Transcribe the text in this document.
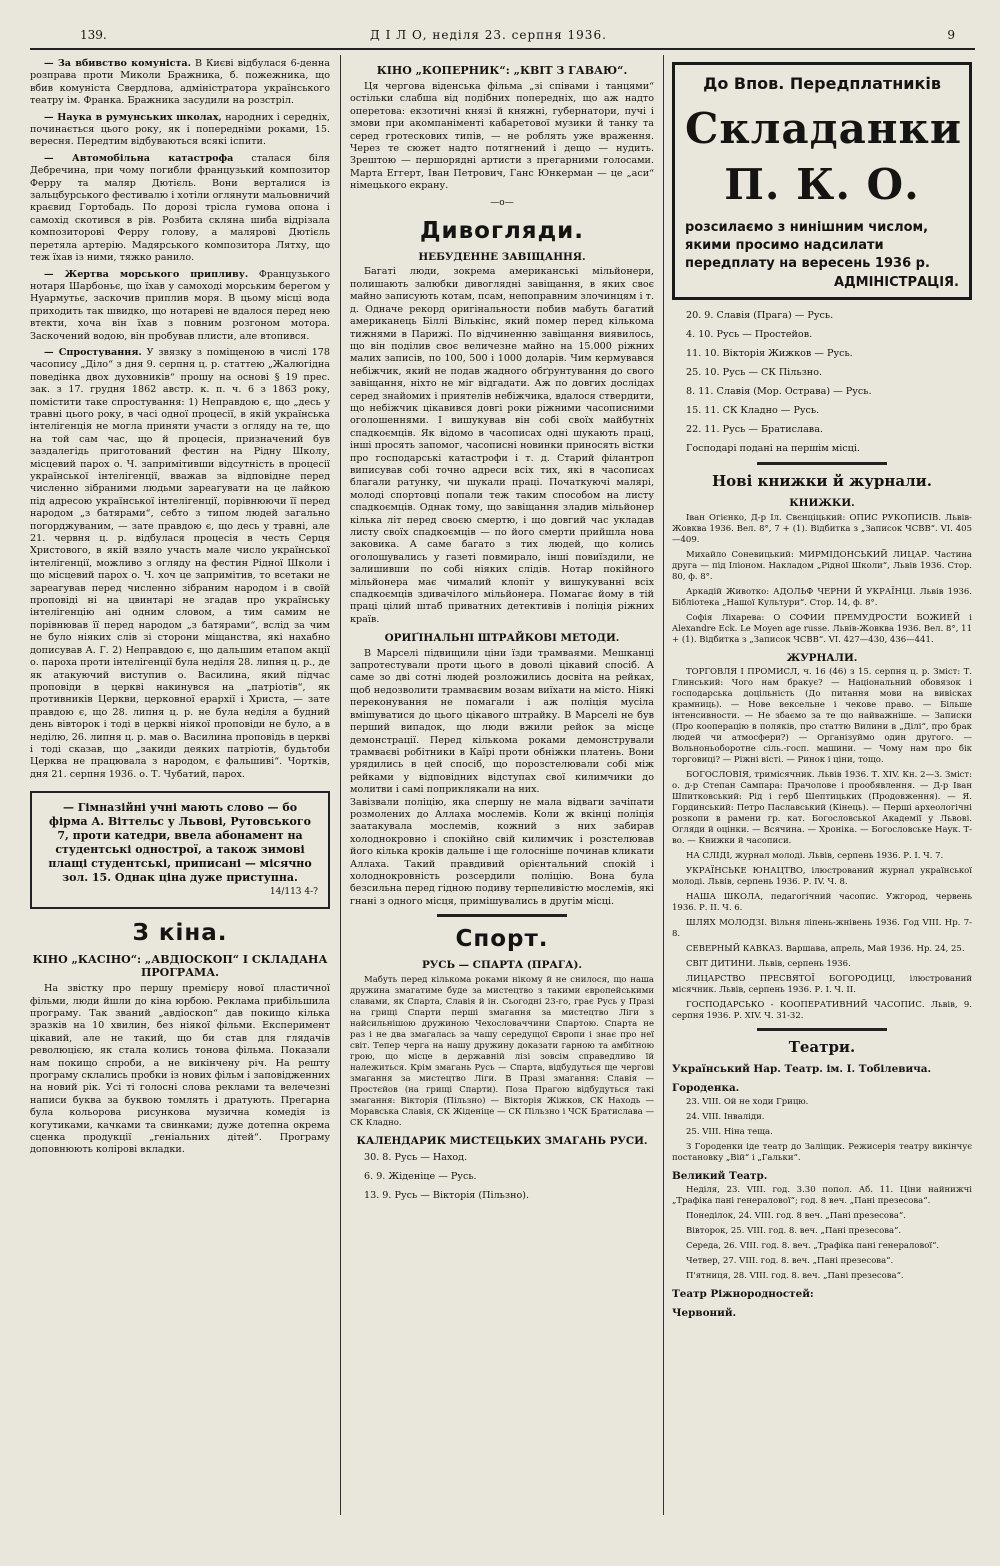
139.	Д І Л О, неділя 23. серпня 1936.	9

— За вбивство комуніста. В Києві відбулася 6-денна розправа проти Миколи Бражника, б. пожежника, що вбив комуніста Свердлова, адміністратора українського театру ім. Франка. Бражника засудили на розстріл.

— Наука в румунських школах, народних і середніх, починається цього року, як і попередніми роками, 15. вересня. Передтим відбуваються всякі іспити.

— Автомобільна катастрофа сталася біля Дебречина, при чому погибли французький композитор Ферру та маляр Дютієль. Вони верталися із зальцбурського фестивалю і хотіли оглянути мальовничий краєвид Гортобадь. По дорозі трісла гумова опона і самохід скотився в рів. Розбита скляна шиба відрізала композиторові Ферру голову, а малярові Дютієль перетяла артерію. Мадярського композитора Лятху, що теж їхав із ними, тяжко ранило.

— Жертва морського припливу. Французького нотаря Шарбоньє, що їхав у самоході морським берегом у Нуармутьє, заскочив приплив моря. В цьому місці вода приходить так швидко, що нотареві не вдалося перед нею втекти, хоча він їхав з повним розгоном мотора. Заскочений водою, він пробував плисти, але втопився.

— Спростування. У звязку з поміщеною в числі 178 часопису „Діло“ з дня 9. серпня ц. р. статтею „Жалюгідна поведінка двох духовників“ прошу на основі § 19 прес. зак. з 17. грудня 1862 австр. к. п. ч. 6 з 1863 року, помістити таке спростування: 1) Неправдою є, що „десь у травні цього року, в часі одної процесії, в якій українська інтелігенція не могла приняти участи з огляду на те, що на той сам час, що й процесія, призначений був заздалегідь приготований фестин на Рідну Школу, місцевий парох о. Ч. запримітивши відсутність в процесії української інтелігенції, вважав за відповідне перед численно зібраними людьми зареагувати на це лайкою під адресою української інтелігенції, порівнюючи її перед народом „з батярами“, себто з типом людей загально погорджуваним, — зате правдою є, що десь у травні, але 21. червня ц. р. відбулася процесія в честь Серця Христового, в якій взяло участь мале число української інтелігенції, можливо з огляду на фестин Рідної Школи і що місцевий парох о. Ч. хоч це запримітив, то всетаки не зареагував перед численно зібраним народом і в своїй проповіді ні на цвинтарі не згадав про українську інтелігенцію ані одним словом, а тим самим не порівнював її перед народом „з батярами“, вслід за чим не було ніяких слів зі сторони міщанства, які нахабно дописував А. Г. 2) Неправдою є, що дальшим етапом акції о. пароха проти інтелігенції була неділя 28. липня ц. р., де як атакуючий виступив о. Василина, який підчас проповіди в церкві накинувся на „патріотів“, як противників Церкви, церковної ерархії і Христа, — зате правдою є, що 28. липня ц. р. не була неділя а будний день вівторок і тоді в церкві ніякої проповіди не було, а в неділю, 26. липня ц. р. мав о. Василина проповідь в церкві і тоді сказав, що „закиди деяких патріотів, будьтоби Церква не працювала з народом, є фальшиві“. Чортків, дня 21. серпня 1936. о. Т. Чубатий, парох.

— Гімназійні учні мають слово — бо фірма А. Віттельс у Львові, Рутовського 7, проти катедри, ввела абонамент на студентські однострої, а також зимові плащі студентські, приписані — місячно зол. 15. Однак ціна дуже приступна.
14/113 4-?
З кіна.
КІНО „КАСІНО“: „АВДІОСКОП“ І СКЛАДАНА ПРОГРАМА.

На звістку про першу премієру нової пластичної фільми, люди йшли до кіна юрбою. Реклама прибільшила програму. Так званий „авдіоскоп“ дав покищо кілька зразків на 10 хвилин, без ніякої фільми. Експеримент цікавий, але не такий, що би став для глядачів революцією, як стала колись тонова фільма. Показали нам покищо спроби, а не викінчену річ. На решту програму склались пробки із нових фільм і заповідженних на новий рік. Усі ті голосні слова реклами та велечезні написи буква за буквою томлять і дратують. Прегарна була кольорова рисункова музична комедія із когутиками, качками та свинками; дуже дотепна окрема сценка продукції „геніальних дітей“. Програму доповнюють колірові вкладки.

КІНО „КОПЕРНИК“: „КВІТ З ГАВАЮ“.

Ця чергова віденська фільма „зі співами і танцями“ остільки слабша від подібних попередніх, що аж надто оперетова: екзотичні князі й княжні, губернатори, пучі і змови при акомпаніменті кабаретової музики й танку та серед гротескових типів, — не роблять уже враження. Через те сюжет надто потягнений і дещо — нудить. Зрештою — першорядні артисти з прегарними голосами. Марта Еггерт, Іван Петрович, Ганс Юнкерман — це „аси“ німецького екрану.

—о—
Дивогляди.
НЕБУДЕННЕ ЗАВІЩАННЯ.

Багаті люди, зокрема американські мільйонери, полишають залюбки дивоглядні завіщання, в яких своє майно записують котам, псам, непоправним злочинцям і т. д. Одначе рекорд оригінальности побив мабуть багатий американець Біллі Вількінс, який помер перед кількома тижнями в Парижі. По відчиненню завіщання виявилось, що він поділив своє величезне майно на 15.000 ріжних малих записів, по 100, 500 і 1000 доларів. Чим кермувався небіжчик, який не подав жадного обґрунтування до свого завіщання, ніхто не міг відгадати. Аж по довгих дослідах серед знайомих і приятелів небіжчика, вдалося ствердити, що небіжчик цікавився довгі роки ріжними часописними оголошеннями. І вишукував він собі своїх майбутніх спадкоємців. Як відомо в часописах одні шукають праці, інші просять запомог, часописні новинки приносять вістки про господарські катастрофи і т. д. Старий філантроп виписував собі точно адреси всіх тих, які в часописах благали ратунку, чи шукали праці. Початкуючі малярі, молоді спортовці попали теж таким способом на листу спадкоємців. Однак тому, що завіщання зладив мільйонер кілька літ перед своєю смертю, і що довгий час укладав листу своїх спадкоємців — по його смерти прийшла нова заковика. А саме багато з тих людей, що колись оголошувались у газеті повмирало, інші повиїздили, не залишивши по собі ніяких слідів. Нотар покійного мільйонера має чималий клопіт у вишукуванні всіх спадкоємців здивачілого мільйонера. Помагає йому в тій праці цілий штаб приватних детективів і поліція ріжних країв.

ОРИҐІНАЛЬНІ ШТРАЙКОВІ МЕТОДИ.

В Марселі підвищили ціни їзди трамваями. Мешканці запротестували проти цього в доволі цікавий спосіб. А саме зо дві сотні людей розложились досвіта на рейках, щоб недозволити трамваєвим возам виїхати на місто. Ніякі переконування не помагали і аж поліція мусіла вмішуватися до цього цікавого штрайку. В Марселі не був перший випадок, що люди вжили рейок за місце демонстрації. Перед кількома роками демонстрували трамваєві робітники в Каїрі проти обніжки платень. Вони урядились в цей спосіб, що порозстелювали собі між рейками у відповідних відступах свої килимчики до молитви і самі поприклякали на них.
Завізвали поліцію, яка спершу не мала відваги зачіпати розмолених до Аллаха мослемів. Коли ж вкінці поліція заатакувала мослемів, кожний з них забирав холоднокровно і спокійно свій килимчик і розстелював його кілька кроків дальше і ще голосніше починав кликати Аллаха. Такий правдивий орієнтальний спокій і холоднокровність розсердили поліцію. Вона була безсильна перед гідною подиву терпеливістю мослемів, які гнані з одного місця, примішувались в другім місці.

Спорт.
РУСЬ — СПАРТА (ПРАГА).

Мабуть перед кількома роками нікому й не снилося, що наша дружина змагатиме буде за мистецтво з такими європейськими славами, як Спарта, Славія й ін. Сьогодні 23-го, грає Русь у Празі на грищі Спарти перші змагання за мистецтво Ліги з найсильнішою дружиною Чехословаччини Спартою. Спарта не раз і не два змагалась за чашу середущої Європи і знає про неї світ. Тепер черга на нашу дружину доказати гарною та амбітною грою, що місце в державній лізі зовсім справедливо їй належиться. Крім змагань Русь — Спарта, відбудуться ще чергові змагання за мистецтво Ліги. В Празі змагання: Славія — Простєйов (на грищі Спарти). Поза Прагою відбудуться такі змагання: Вікторія (Пільзно) — Вікторія Жіжков, СК Находь — Моравська Славія, СК Жіденіце — СК Пільзно і ЧСК Братислава — СК Кладно.

КАЛЕНДАРИК МИСТЕЦЬКИХ ЗМАГАНЬ РУСИ.

30. 8. Русь — Наход.

6. 9. Жіденіце — Русь.

13. 9. Русь — Вікторія (Пільзно).

До Впов. Передплатників
Складанки П. К. О.
розсилаємо з нинішним числом, якими просимо надсилати передплату на вересень 1936 р.
АДМІНІСТРАЦІЯ.

20. 9. Славія (Прага) — Русь.

4. 10. Русь — Простейов.

11. 10. Вікторія Жижков — Русь.

25. 10. Русь — СК Пільзно.

8. 11. Славія (Мор. Острава) — Русь.

15. 11. СК Кладно — Русь.

22. 11. Русь — Братислава.

Господарі подані на першім місці.

Нові книжки й журнали.
КНИЖКИ.

Іван Огієнко, Д-р Іл. Свєнціцький: ОПИС РУКОПИСІВ. Львів-Жовква 1936. Вел. 8°, 7 + (1). Відбитка з „Записок ЧСВВ“. VI. 405—409.

Михайло Соневицький: МИРМІДОНСЬКИЙ ЛИЦАР. Частина друга — під Іліоном. Накладом „Рідної Школи“, Львів 1936. Стор. 80, ф. 8°.

Аркадій Животко: АДОЛЬФ ЧЕРНИ Й УКРАЇНЦІ. Львів 1936. Бібліотека „Нашої Культури“. Стор. 14, ф. 8°.

Софія Ліхарева: О СОФИИ ПРЕМУДРОСТИ БОЖИЕЙ і Alexandre Eck. Le Moyen age russe. Львів-Жовква 1936. Вел. 8°, 11 + (1). Відбитка з „Записок ЧСВВ“. VI. 427—430, 436—441.

ЖУРНАЛИ.

ТОРГОВЛЯ І ПРОМИСЛ, ч. 16 (46) з 15. серпня ц. р. Зміст: Т. Глинський: Чого нам бракує? — Національний обовязок і господарська доцільність (До питання мови на вивісках крамниць). — Нове вексельне і чекове право. — Більше інтенсивности. — Не збаємо за те що найважніше. — Записки (Про кооперацію в поляків, про статтю Вилини в „Ділі“, про брак людей чи атмосфери?) — Організуймо один другого. — Вольноньоборотне сіль.-госп. машини. — Чому нам про бік торговиці? — Ріжні вісті. — Ринок і ціни, тощо.

БОГОСЛОВІЯ, тримісячник. Львів 1936. Т. XIV. Кн. 2—3. Зміст: о. д-р Степан Сампара: Прачолове і прообявлення. — Д-р Іван Шпитковський: Рід і герб Шептицьких (Продовження). — Я. Гординський: Петро Паславський (Кінець). — Перші археологічні розкопи в рамени гр. кат. Богословської Академії у Львові. Огляди й оцінки. — Всячина. — Хроніка. — Богословське Наук. Т-во. — Книжки й часописи.

НА СЛІДІ, журнал молоді. Львів, серпень 1936. Р. І. Ч. 7.

УКРАЇНСЬКЕ ЮНАЦТВО, ілюстрований журнал української молоді. Львів, серпень 1936. Р. IV. Ч. 8.

НАША ШКОЛА, педагогічний часопис. Ужгород, червень 1936. Р. II. Ч. 6.

ШЛЯХ МОЛОДЗІ. Вільня ліпень-жнівень 1936. Год VIII. Нр. 7-8.

СЕВЕРНЫЙ КАВКАЗ. Варшава, апрель, Май 1936. Нр. 24, 25.

СВІТ ДИТИНИ. Львів, серпень 1936.

ЛИЦАРСТВО ПРЕСВЯТОЇ БОГОРОДИЦІ, ілюстрований місячник. Львів, серпень 1936. Р. І. Ч. II.

ГОСПОДАРСЬКО - КООПЕРАТИВНИЙ ЧАСОПИС. Львів, 9. серпня 1936. Р. XIV. Ч. 31-32.

Театри.
Український Нар. Театр. ім. І. Тобілевича.
Городенка.

23. VIII. Ой не ходи Грицю.

24. VIII. Інваліди.

25. VIII. Ніна теща.

З Городенки іде театр до Заліщик. Режисерія театру викінчує постановку „Вій“ і „Гальки“.

Великий Театр.

Неділя, 23. VIII. год. 3.30 попол. Аб. 11. Ціни найнижчі „Трафіка пані генералової“; год. 8 веч. „Пані презесова“.

Понеділок, 24. VIII. год. 8 веч. „Пані презесова“.

Вівторок, 25. VIII. год. 8. веч. „Пані презесова“.

Середа, 26. VIII. год. 8. веч. „Трафіка пані генералової“.

Четвер, 27. VIII. год. 8. веч. „Пані презесова“.

П'ятниця, 28. VIII. год. 8. веч. „Пані презесова“.

Театр Ріжнородностей:
Червоний.
